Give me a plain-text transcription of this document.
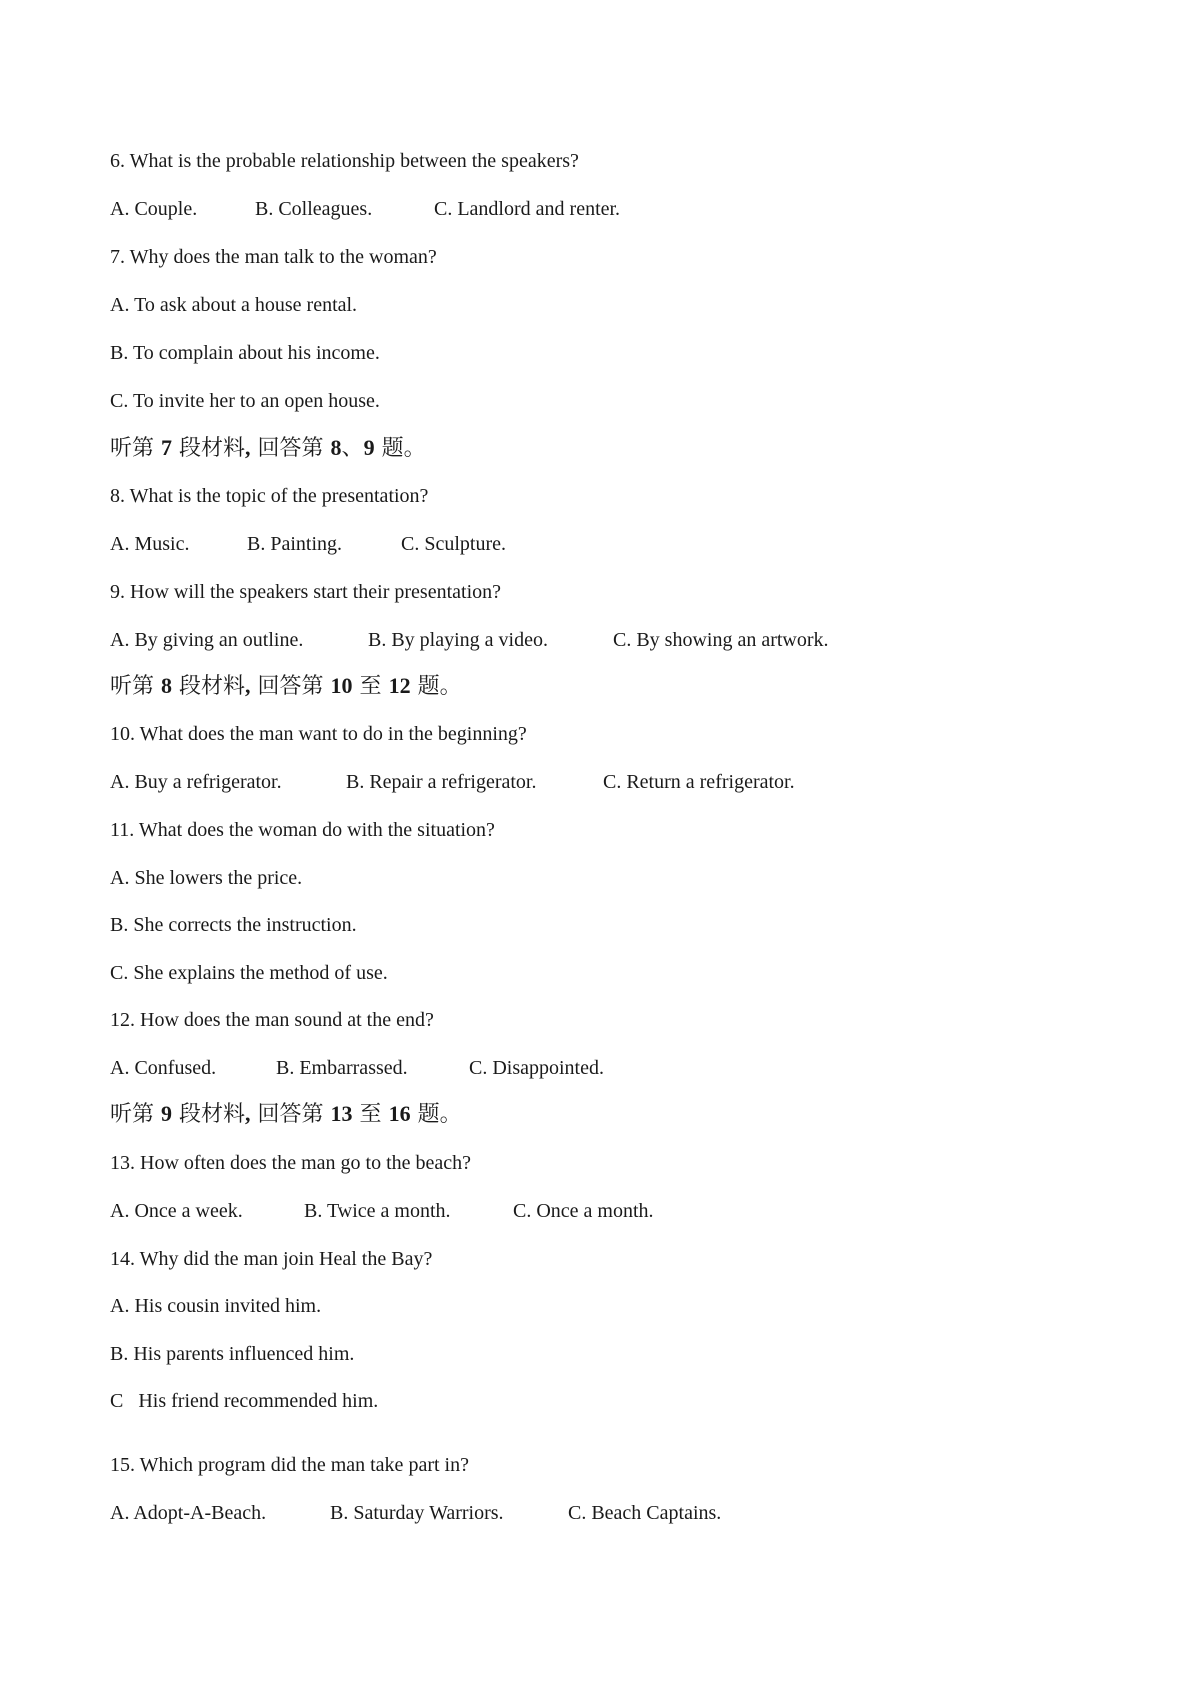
6. What is the probable relationship between the speakers?
A. Couple.	B. Colleagues.	C. Landlord and renter.
7. Why does the man talk to the woman?
A. To ask about a house rental.
B. To complain about his income.
C. To invite her to an open house.
听第 7 段材料, 回答第 8、9 题。
8. What is the topic of the presentation?
A. Music.	B. Painting.	C. Sculpture.
9. How will the speakers start their presentation?
A. By giving an outline.	B. By playing a video.	C. By showing an artwork.
听第 8 段材料, 回答第 10 至 12 题。
10. What does the man want to do in the beginning?
A. Buy a refrigerator.	B. Repair a refrigerator.	C. Return a refrigerator.
11. What does the woman do with the situation?
A. She lowers the price.
B. She corrects the instruction.
C. She explains the method of use.
12. How does the man sound at the end?
A. Confused.	B. Embarrassed.	C. Disappointed.
听第 9 段材料, 回答第 13 至 16 题。
13. How often does the man go to the beach?
A. Once a week.	B. Twice a month.	C. Once a month.
14. Why did the man join Heal the Bay?
A. His cousin invited him.
B. His parents influenced him.
C   His friend recommended him.
15. Which program did the man take part in?
A. Adopt-A-Beach.	B. Saturday Warriors.	C. Beach Captains.
